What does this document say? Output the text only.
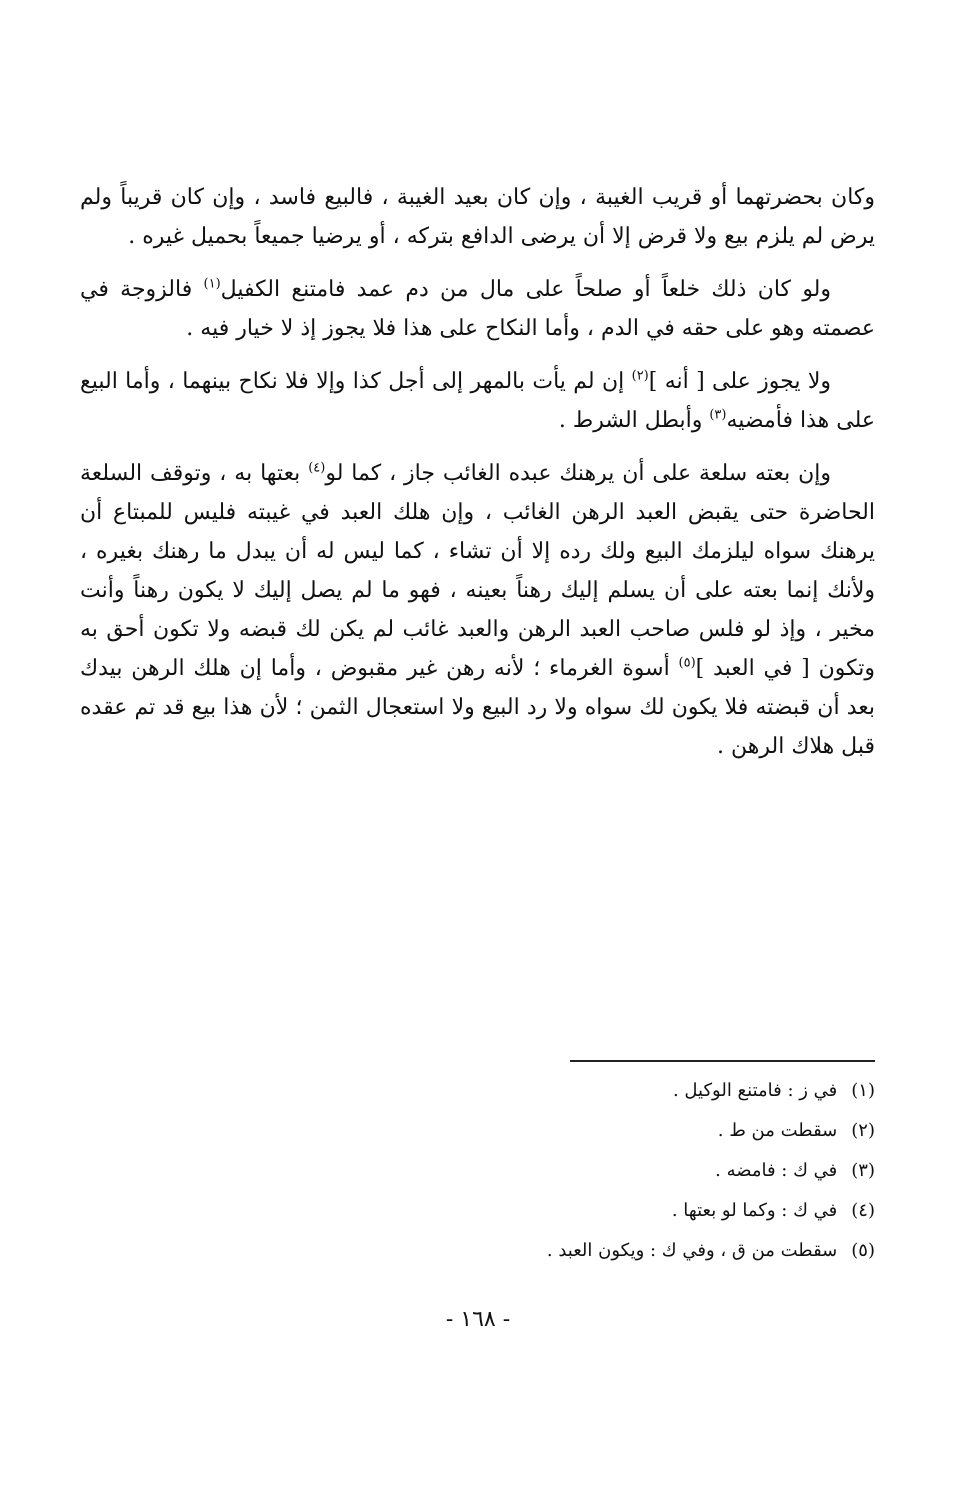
وكان بحضرتهما أو قريب الغيبة ، وإن كان بعيد الغيبة ، فالبيع فاسد ، وإن كان قريباً ولم يرض لم يلزم بيع ولا قرض إلا أن يرضى الدافع بتركه ، أو يرضيا جميعاً بحميل غيره .

ولو كان ذلك خلعاً أو صلحاً على مال من دم عمد فامتنع الكفيل$^{(١)}$ فالزوجة في عصمته وهو على حقه في الدم ، وأما النكاح على هذا فلا يجوز إذ لا خيار فيه .

ولا يجوز على [ أنه ]$^{(٢)}$ إن لم يأت بالمهر إلى أجل كذا وإلا فلا نكاح بينهما ، وأما البيع على هذا فأمضيه$^{(٣)}$ وأبطل الشرط .

وإن بعته سلعة على أن يرهنك عبده الغائب جاز ، كما لو$^{(٤)}$ بعتها به ، وتوقف السلعة الحاضرة حتى يقبض العبد الرهن الغائب ، وإن هلك العبد في غيبته فليس للمبتاع أن يرهنك سواه ليلزمك البيع ولك رده إلا أن تشاء ، كما ليس له أن يبدل ما رهنك بغيره ، ولأنك إنما بعته على أن يسلم إليك رهناً بعينه ، فهو ما لم يصل إليك لا يكون رهناً وأنت مخير ، وإذ لو فلس صاحب العبد الرهن والعبد غائب لم يكن لك قبضه ولا تكون أحق به وتكون [ في العبد ]$^{(٥)}$ أسوة الغرماء ؛ لأنه رهن غير مقبوض ، وأما إن هلك الرهن بيدك بعد أن قبضته فلا يكون لك سواه ولا رد البيع ولا استعجال الثمن ؛ لأن هذا بيع قد تم عقده قبل هلاك الرهن .

(١)في ز : فامتنع الوكيل .
(٢)سقطت من ط .
(٣)في ك : فامضه .
(٤)في ك : وكما لو بعتها .
(٥)سقطت من ق ، وفي ك : ويكون العبد .
- ١٦٨ -
